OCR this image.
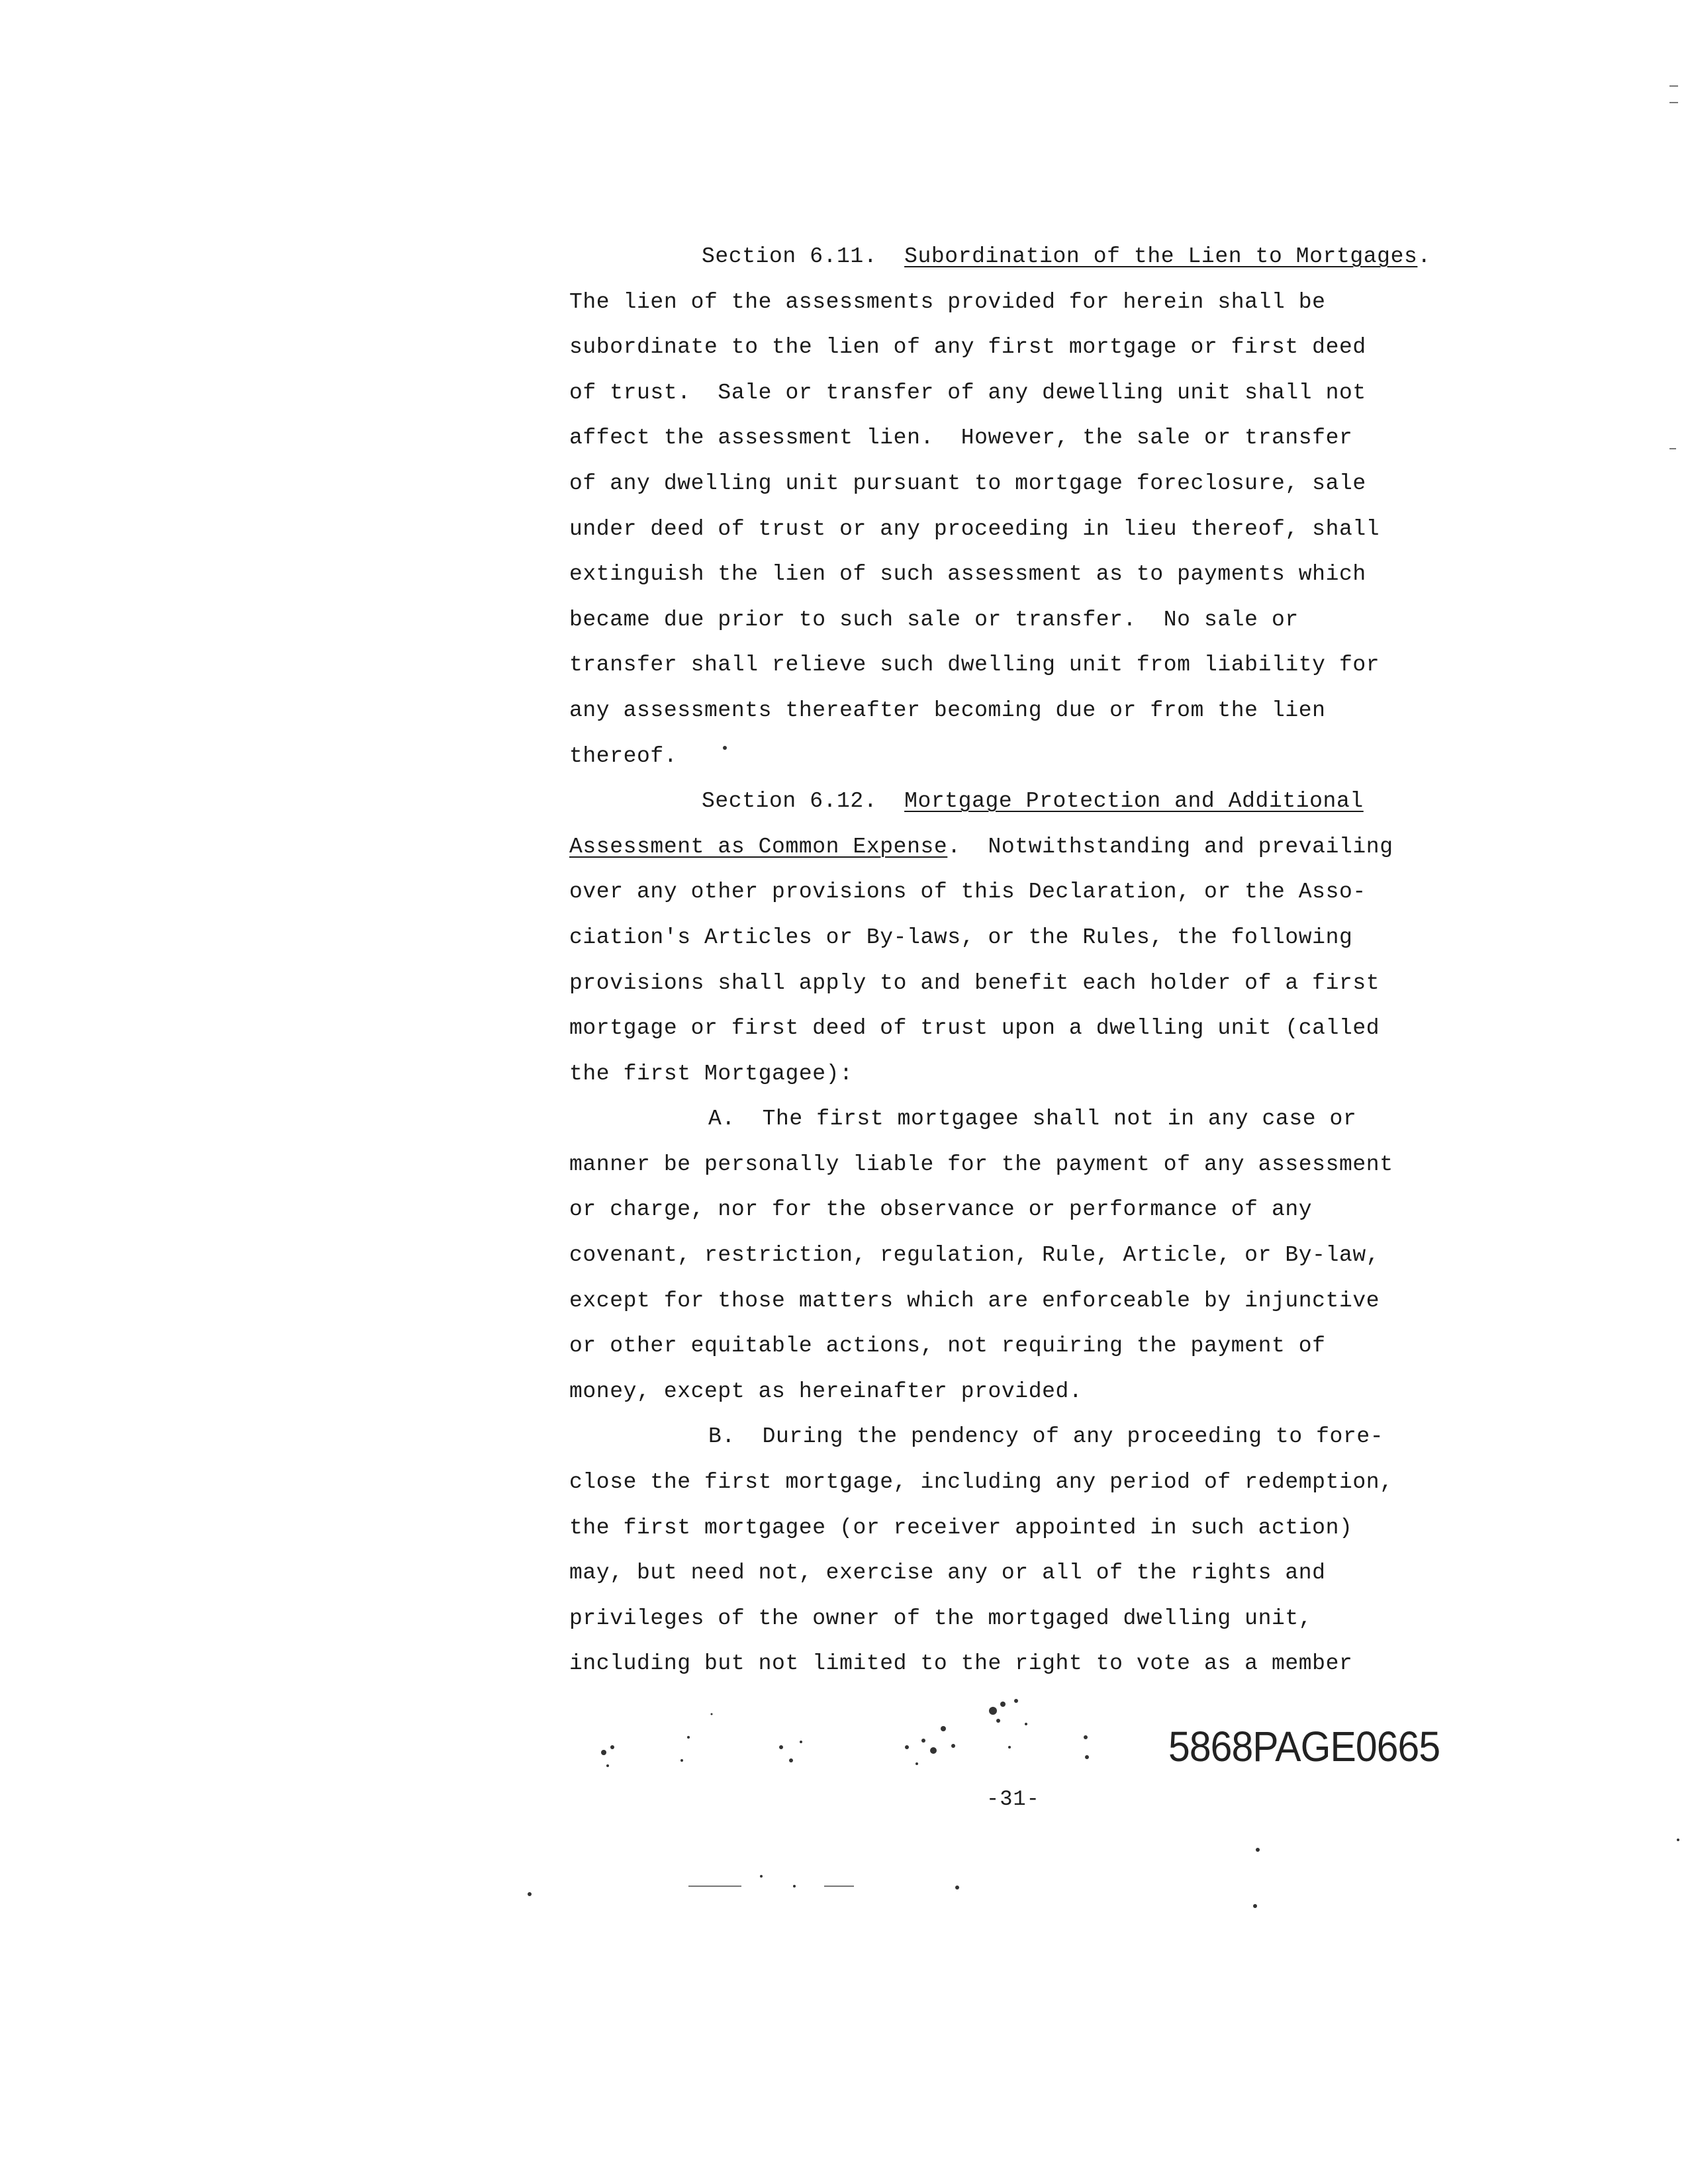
Section 6.11. Subordination of the Lien to Mortgages.
The lien of the assessments provided for herein shall be
subordinate to the lien of any first mortgage or first deed
of trust.  Sale or transfer of any dewelling unit shall not
affect the assessment lien.  However, the sale or transfer
of any dwelling unit pursuant to mortgage foreclosure, sale
under deed of trust or any proceeding in lieu thereof, shall
extinguish the lien of such assessment as to payments which
became due prior to such sale or transfer.  No sale or
transfer shall relieve such dwelling unit from liability for
any assessments thereafter becoming due or from the lien
thereof.
Section 6.12. Mortgage Protection and Additional
Assessment as Common Expense.  Notwithstanding and prevailing
over any other provisions of this Declaration, or the Asso-
ciation's Articles or By-laws, or the Rules, the following
provisions shall apply to and benefit each holder of a first
mortgage or first deed of trust upon a dwelling unit (called
the first Mortgagee):
A.  The first mortgagee shall not in any case or
manner be personally liable for the payment of any assessment
or charge, nor for the observance or performance of any
covenant, restriction, regulation, Rule, Article, or By-law,
except for those matters which are enforceable by injunctive
or other equitable actions, not requiring the payment of
money, except as hereinafter provided.
B.  During the pendency of any proceeding to fore-
close the first mortgage, including any period of redemption,
the first mortgagee (or receiver appointed in such action)
may, but need not, exercise any or all of the rights and
privileges of the owner of the mortgaged dwelling unit,
including but not limited to the right to vote as a member
5868PAGE0665
-31-
